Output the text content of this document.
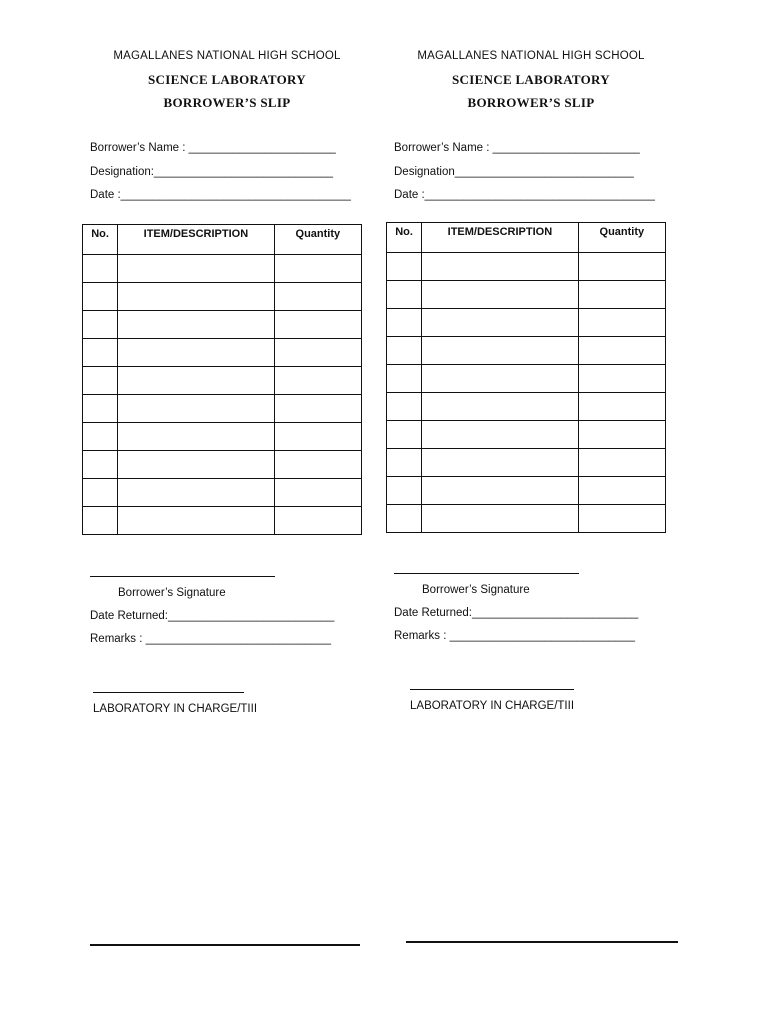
MAGALLANES NATIONAL HIGH SCHOOL
SCIENCE LABORATORY
BORROWER’S SLIP
Borrower’s Name : _______________________
Designation:____________________________
Date :____________________________________
No.	ITEM/DESCRIPTION	Quantity

Borrower’s Signature
Date Returned:__________________________
Remarks : _____________________________
LABORATORY IN CHARGE/TIII
MAGALLANES NATIONAL HIGH SCHOOL
SCIENCE LABORATORY
BORROWER’S SLIP
Borrower’s Name : _______________________
Designation____________________________
Date :____________________________________
No.	ITEM/DESCRIPTION	Quantity

Borrower’s Signature
Date Returned:__________________________
Remarks : _____________________________
LABORATORY IN CHARGE/TIII
